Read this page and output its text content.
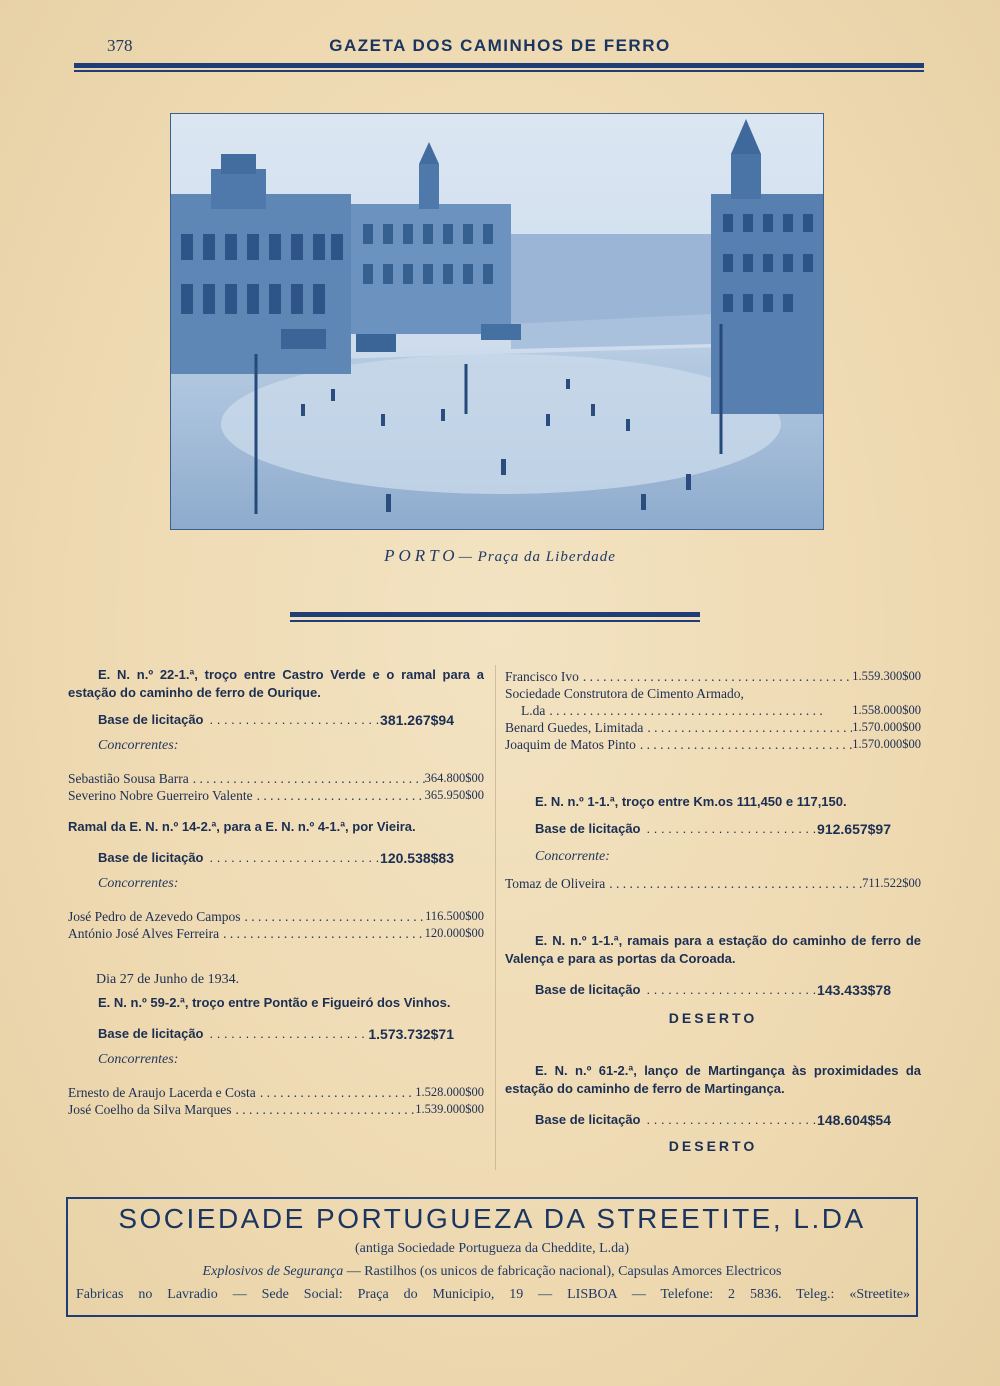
378	GAZETA DOS CAMINHOS DE FERRO
PORTO— Praça da Liberdade

E. N. n.º 22-1.ª, troço entre Castro Verde e o ramal para a estação do caminho de ferro de Ourique.

Base de licitação . . .	381.267$94
Concorrentes:
Sebastião Sousa Barra . . .	364.800$00
Severino Nobre Guerreiro Valente . . .	365.950$00

Ramal da E. N. n.º 14-2.ª, para a E. N. n.º 4-1.ª, por Vieira.

Base de licitação . . .	120.538$83
Concorrentes:
José Pedro de Azevedo Campos . . .	116.500$00
António José Alves Ferreira . . .	120.000$00
Dia 27 de Junho de 1934.

E. N. n.º 59-2.ª, troço entre Pontão e Figueiró dos Vinhos.

Base de licitação . . .	1.573.732$71
Concorrentes:
Ernesto de Araujo Lacerda e Costa . . .	1.528.000$00
José Coelho da Silva Marques . . .	1.539.000$00
Francisco Ivo . . .	1.559.300$00
Sociedade Construtora de Cimento Armado,
L.da . . .	1.558.000$00
Benard Guedes, Limitada . . .	1.570.000$00
Joaquim de Matos Pinto . . .	1.570.000$00

E. N. n.º 1-1.ª, troço entre Km.os 111,450 e 117,150.

Base de licitação . . .	912.657$97
Concorrente:
Tomaz de Oliveira . . .	711.522$00

E. N. n.º 1-1.ª, ramais para a estação do caminho de ferro de Valença e para as portas da Coroada.

Base de licitação . . .	143.433$78
DESERTO

E. N. n.º 61-2.ª, lanço de Martingança às proximidades da estação do caminho de ferro de Martingança.

Base de licitação . . .	148.604$54
DESERTO
SOCIEDADE PORTUGUEZA DA STREETITE, L.DA
(antiga Sociedade Portugueza da Cheddite, L.da)
Explosivos de Segurança — Rastilhos (os unicos de fabricação nacional), Capsulas Amorces Electricos
Fabricas no Lavradio — Sede Social: Praça do Municipio, 19 — LISBOA — Telefone: 2 5836. Teleg.: «Streetite»
